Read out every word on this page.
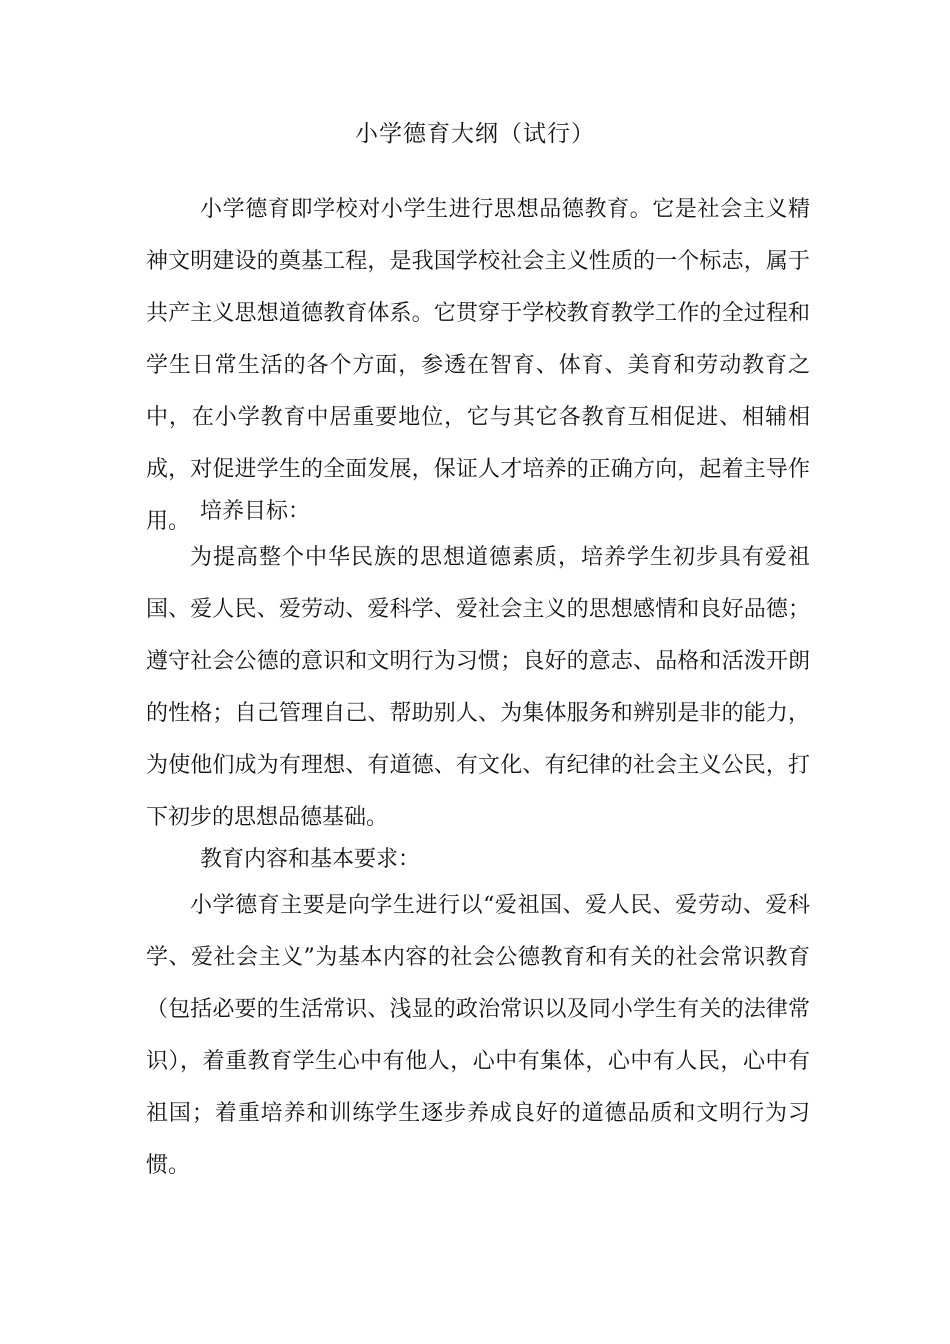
小学德育大纲（试行）

小学德育即学校对小学生进行思想品德教育。它是社会主义精神文明建设的奠基工程，是我国学校社会主义性质的一个标志，属于共产主义思想道德教育体系。它贯穿于学校教育教学工作的全过程和学生日常生活的各个方面，参透在智育、体育、美育和劳动教育之中，在小学教育中居重要地位，它与其它各教育互相促进、相辅相成，对促进学生的全面发展，保证人才培养的正确方向，起着主导作用。 培养目标：

为提高整个中华民族的思想道德素质，培养学生初步具有爱祖国、爱人民、爱劳动、爱科学、爱社会主义的思想感情和良好品德；遵守社会公德的意识和文明行为习惯；良好的意志、品格和活泼开朗的性格；自己管理自己、帮助别人、为集体服务和辨别是非的能力，为使他们成为有理想、有道德、有文化、有纪律的社会主义公民，打下初步的思想品德基础。

教育内容和基本要求：

小学德育主要是向学生进行以“爱祖国、爱人民、爱劳动、爱科学、爱社会主义”为基本内容的社会公德教育和有关的社会常识教育（包括必要的生活常识、浅显的政治常识以及同小学生有关的法律常识），着重教育学生心中有他人，心中有集体，心中有人民，心中有祖国；着重培养和训练学生逐步养成良好的道德品质和文明行为习惯。
